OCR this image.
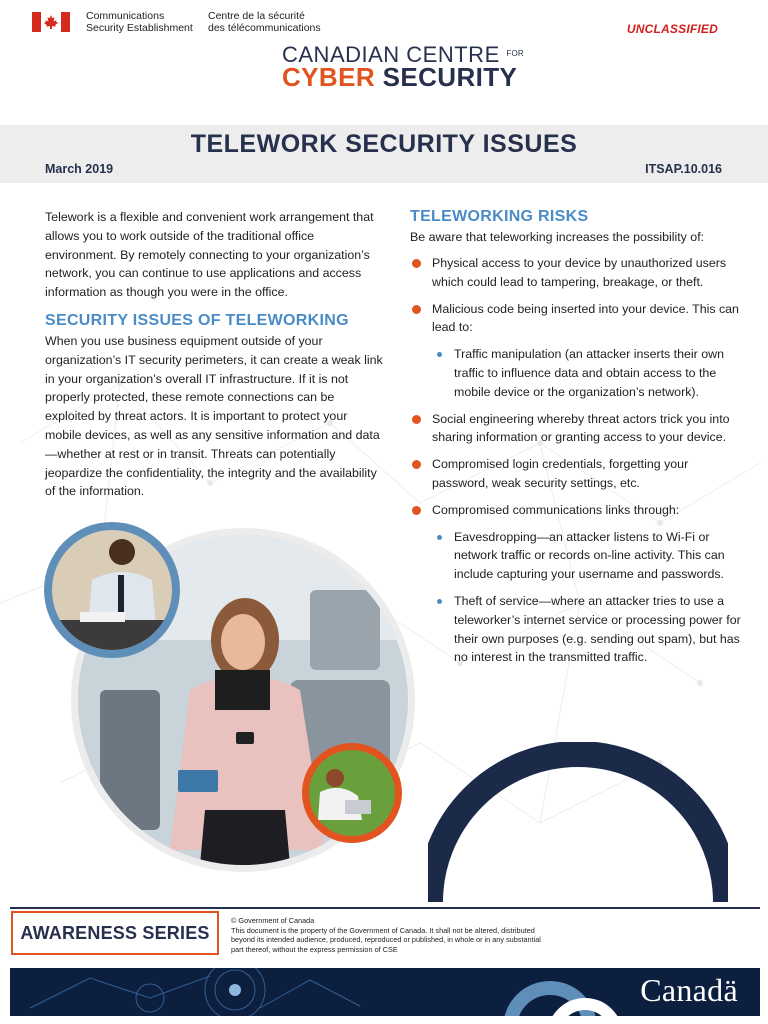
Communications
Security Establishment
Centre de la sécurité
des télécommunications	UNCLASSIFIED
CANADIAN CENTRE $^{FOR}$
CYBER SECURITY
TELEWORK SECURITY ISSUES
March 2019	ITSAP.10.016

Telework is a flexible and convenient work arrangement that allows you to work outside of the traditional office environment. By remotely connecting to your organization’s network, you can continue to use applications and access information as though you were in the office.

SECURITY ISSUES OF TELEWORKING

When you use business equipment outside of your organization’s IT security perimeters, it can create a weak link in your organization’s overall IT infrastructure. If it is not properly protected, these remote connections can be exploited by threat actors. It is important to protect your mobile devices, as well as any sensitive information and data—whether at rest or in transit. Threats can potentially jeopardize the confidentiality, the integrity and the availability of the information.

TELEWORKING RISKS

Be aware that teleworking increases the possibility of:

Physical access to your device by unauthorized users which could lead to tampering, breakage, or theft.
Malicious code being inserted into your device. This can lead to:
Traffic manipulation (an attacker inserts their own traffic to influence data and obtain access to the mobile device or the organization’s network).
Social engineering whereby threat actors trick you into sharing information or granting access to your device.
Compromised login credentials, forgetting your password, weak security settings, etc.
Compromised communications links through:
Eavesdropping—an attacker listens to Wi-Fi or network traffic or records on-line activity. This can include capturing your username and passwords.
Theft of service—where an attacker tries to use a teleworker’s internet service or processing power for their own purposes (e.g. sending out spam), but has no interest in the transmitted traffic.
AWARENESS SERIES
© Government of Canada
This document is the property of the Government of Canada. It shall not be altered, distributed beyond its intended audience, produced, reproduced or published, in whole or in any substantial part thereof, without the express permission of CSE
Canadä
